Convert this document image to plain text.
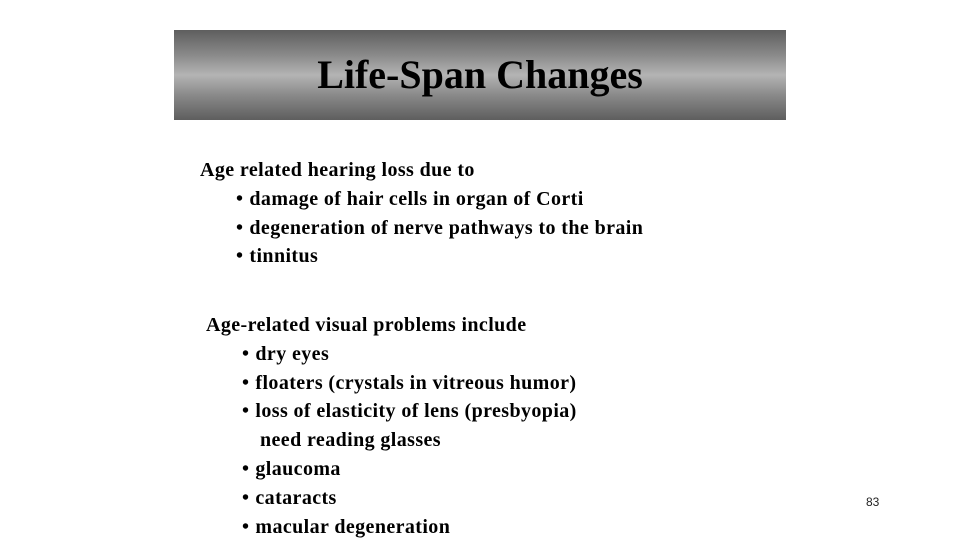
Life-Span Changes
Age related hearing loss due to
• damage of hair cells in organ of Corti
• degeneration of nerve pathways to the brain
• tinnitus
Age-related visual problems include
• dry eyes
• floaters (crystals in vitreous humor)
• loss of elasticity of lens (presbyopia)
need reading glasses
• glaucoma
• cataracts
• macular degeneration
83
